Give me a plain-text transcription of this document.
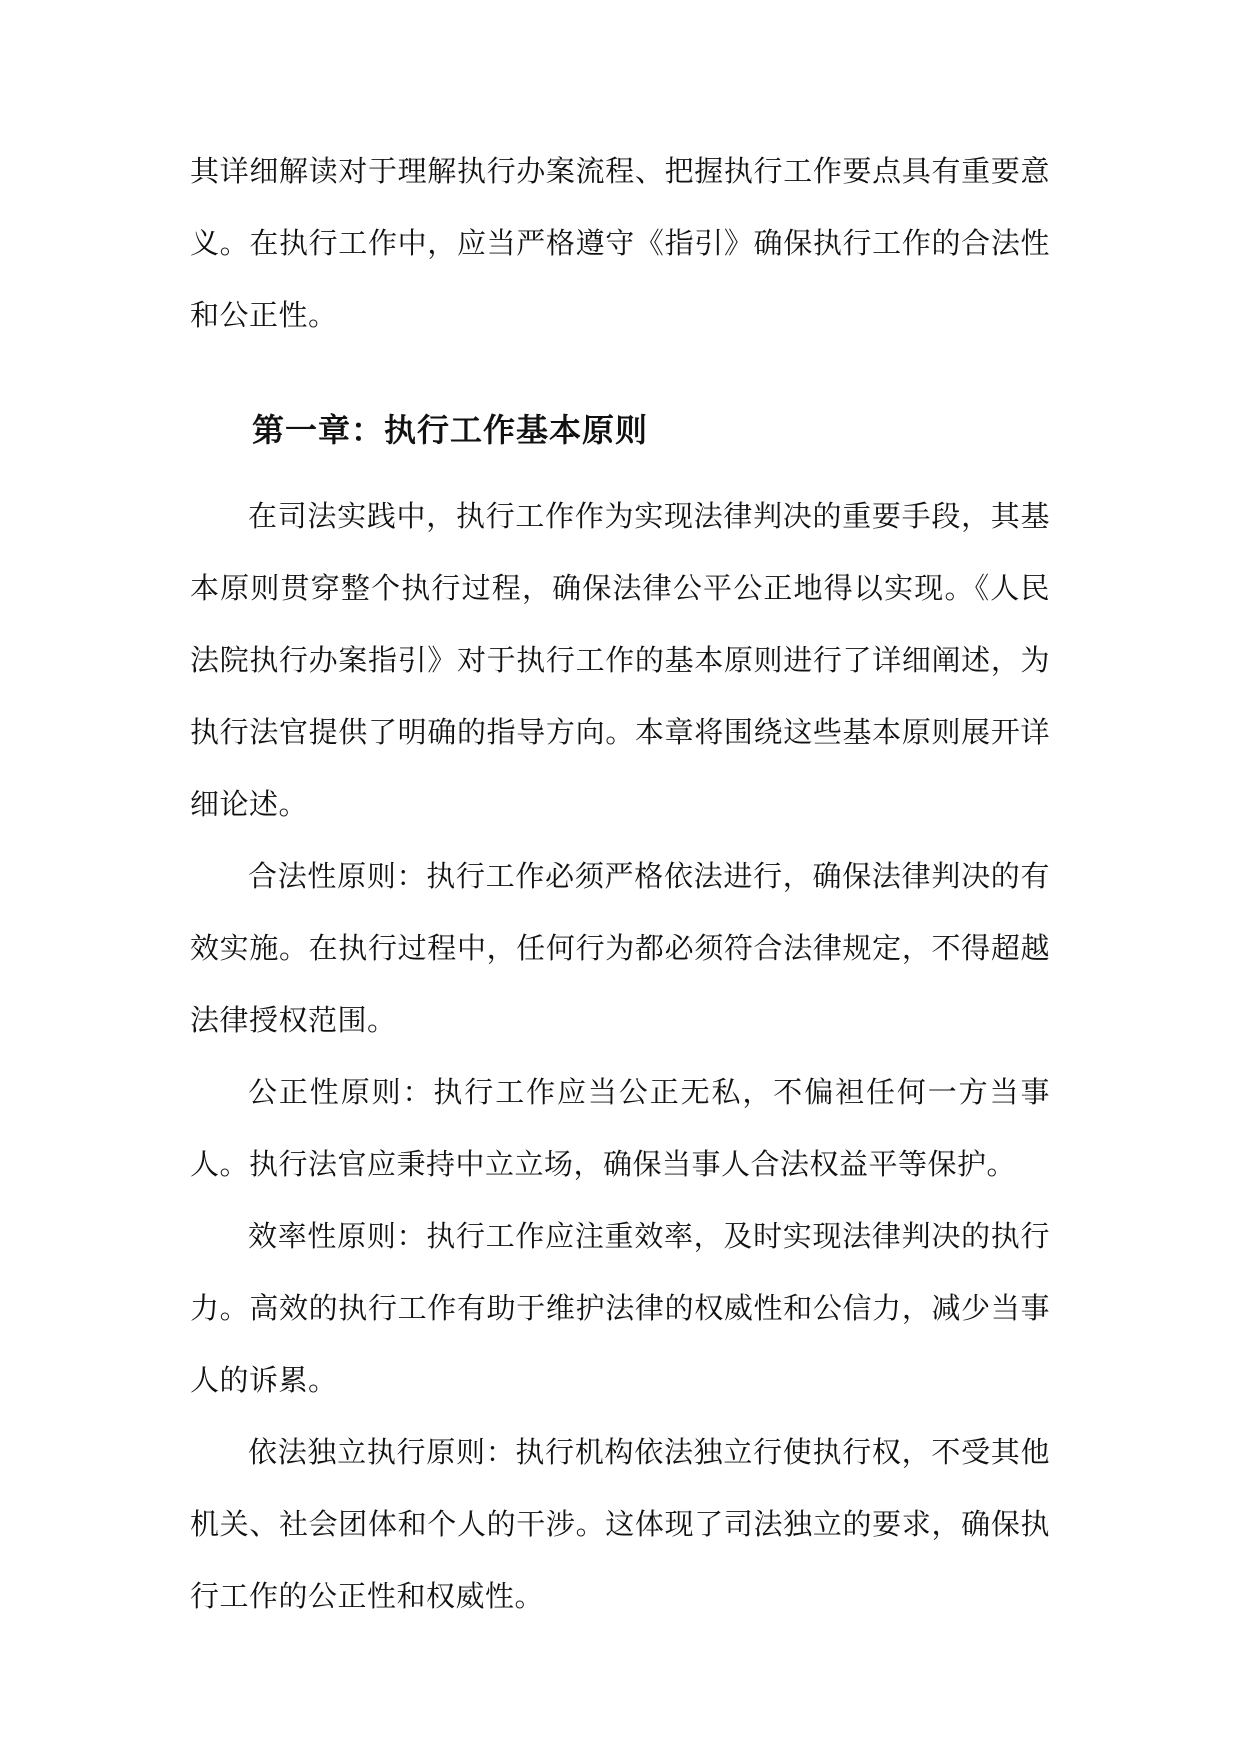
其详细解读对于理解执行办案流程、把握执行工作要点具有重要意义。在执行工作中，应当严格遵守《指引》确保执行工作的合法性和公正性。

第一章：执行工作基本原则

在司法实践中，执行工作作为实现法律判决的重要手段，其基本原则贯穿整个执行过程，确保法律公平公正地得以实现。《人民法院执行办案指引》对于执行工作的基本原则进行了详细阐述，为执行法官提供了明确的指导方向。本章将围绕这些基本原则展开详细论述。

合法性原则：执行工作必须严格依法进行，确保法律判决的有效实施。在执行过程中，任何行为都必须符合法律规定，不得超越法律授权范围。

公正性原则：执行工作应当公正无私，不偏袒任何一方当事人。执行法官应秉持中立立场，确保当事人合法权益平等保护。

效率性原则：执行工作应注重效率，及时实现法律判决的执行力。高效的执行工作有助于维护法律的权威性和公信力，减少当事人的诉累。

依法独立执行原则：执行机构依法独立行使执行权，不受其他机关、社会团体和个人的干涉。这体现了司法独立的要求，确保执行工作的公正性和权威性。
